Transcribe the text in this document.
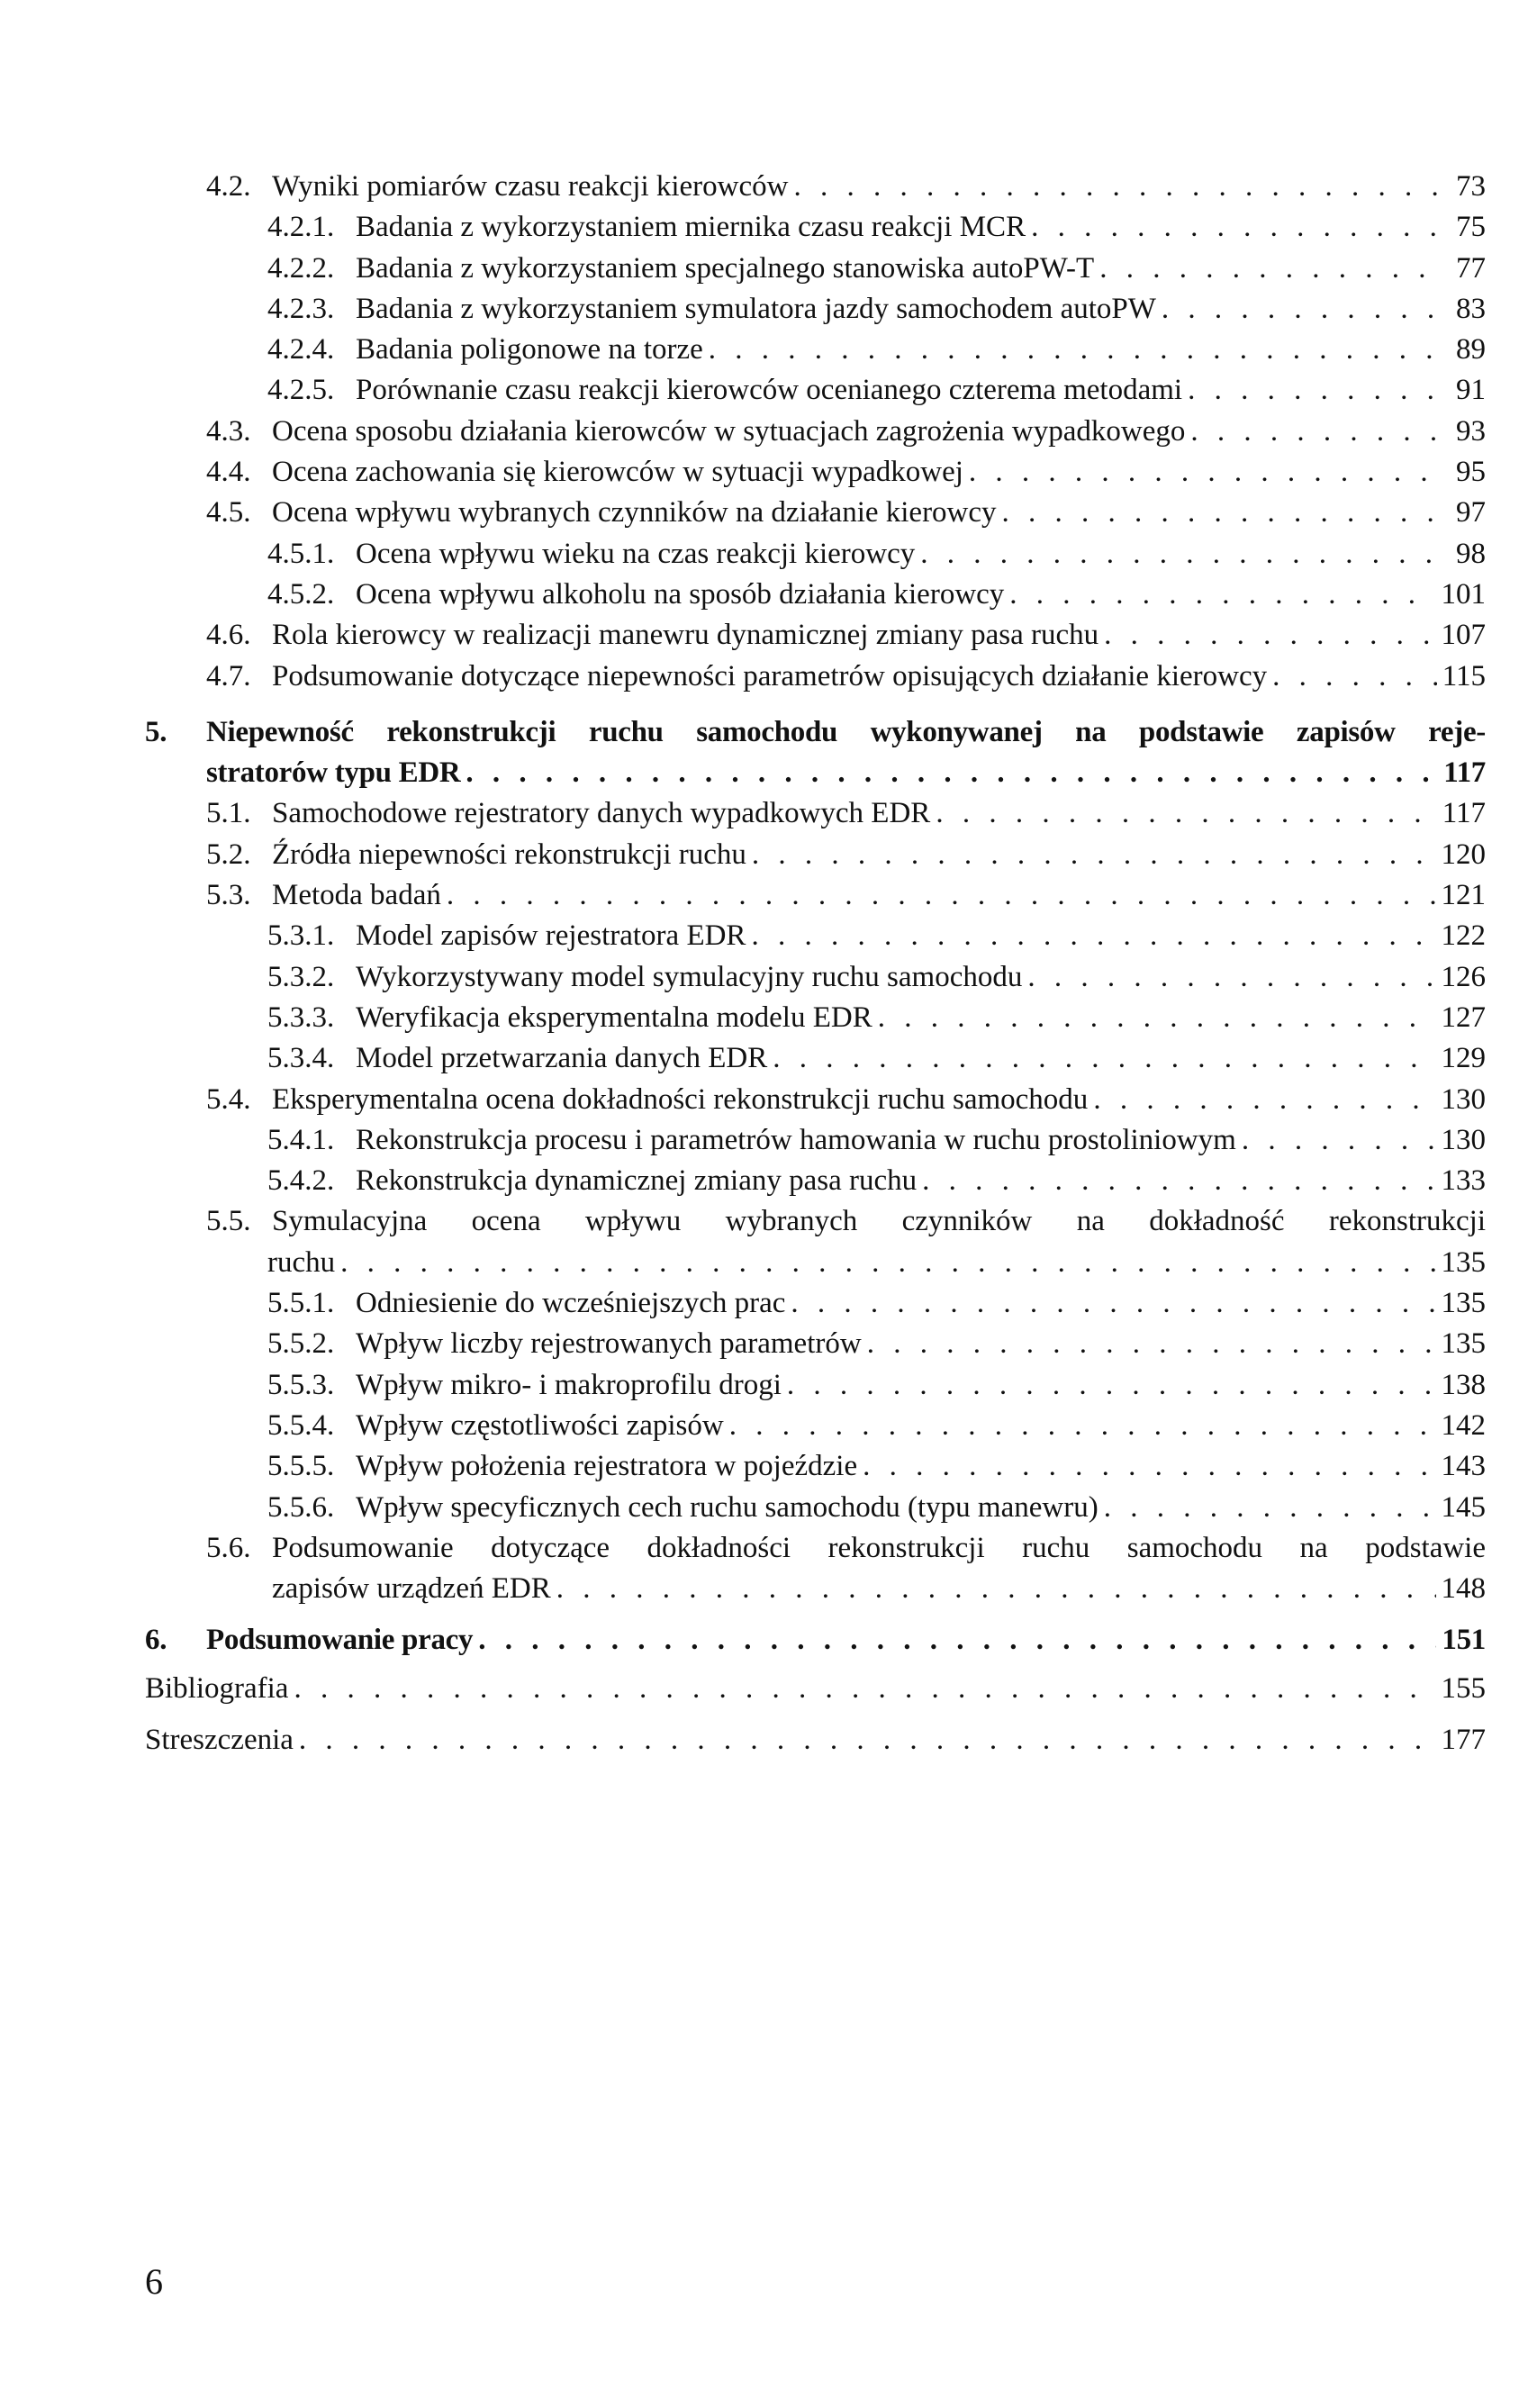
4.2. Wyniki pomiarów czasu reakcji kierowców . . .	73
4.2.1. Badania z wykorzystaniem miernika czasu reakcji MCR . . .	75
4.2.2. Badania z wykorzystaniem specjalnego stanowiska autoPW-T . . .	77
4.2.3. Badania z wykorzystaniem symulatora jazdy samochodem autoPW . . .	83
4.2.4. Badania poligonowe na torze . . .	89
4.2.5. Porównanie czasu reakcji kierowców ocenianego czterema metodami . . .	91
4.3. Ocena sposobu działania kierowców w sytuacjach zagrożenia wypadkowego . . .	93
4.4. Ocena zachowania się kierowców w sytuacji wypadkowej . . .	95
4.5. Ocena wpływu wybranych czynników na działanie kierowcy . . .	97
4.5.1. Ocena wpływu wieku na czas reakcji kierowcy . . .	98
4.5.2. Ocena wpływu alkoholu na sposób działania kierowcy . . .	101
4.6. Rola kierowcy w realizacji manewru dynamicznej zmiany pasa ruchu . . .	107
4.7. Podsumowanie dotyczące niepewności parametrów opisujących działanie kierowcy . . .	115
5.	Niepewność rekonstrukcji ruchu samochodu wykonywanej na podstawie zapisów reje-
stratorów typu EDR . . .	117
5.1. Samochodowe rejestratory danych wypadkowych EDR . . .	117
5.2. Źródła niepewności rekonstrukcji ruchu . . .	120
5.3. Metoda badań . . .	121
5.3.1. Model zapisów rejestratora EDR . . .	122
5.3.2. Wykorzystywany model symulacyjny ruchu samochodu . . .	126
5.3.3. Weryfikacja eksperymentalna modelu EDR . . .	127
5.3.4. Model przetwarzania danych EDR . . .	129
5.4. Eksperymentalna ocena dokładności rekonstrukcji ruchu samochodu . . .	130
5.4.1. Rekonstrukcja procesu i parametrów hamowania w ruchu prostoliniowym . . .	130
5.4.2. Rekonstrukcja dynamicznej zmiany pasa ruchu . . .	133
5.5. Symulacyjna ocena wpływu wybranych czynników na dokładność rekonstrukcji
ruchu . . .	135
5.5.1. Odniesienie do wcześniejszych prac . . .	135
5.5.2. Wpływ liczby rejestrowanych parametrów . . .	135
5.5.3. Wpływ mikro- i makroprofilu drogi . . .	138
5.5.4. Wpływ częstotliwości zapisów . . .	142
5.5.5. Wpływ położenia rejestratora w pojeździe . . .	143
5.5.6. Wpływ specyficznych cech ruchu samochodu (typu manewru) . . .	145
5.6. Podsumowanie dotyczące dokładności rekonstrukcji ruchu samochodu na podstawie
zapisów urządzeń EDR . . .	148
6.	Podsumowanie pracy . . .	151
Bibliografia . . .	155
Streszczenia . . .	177
6
